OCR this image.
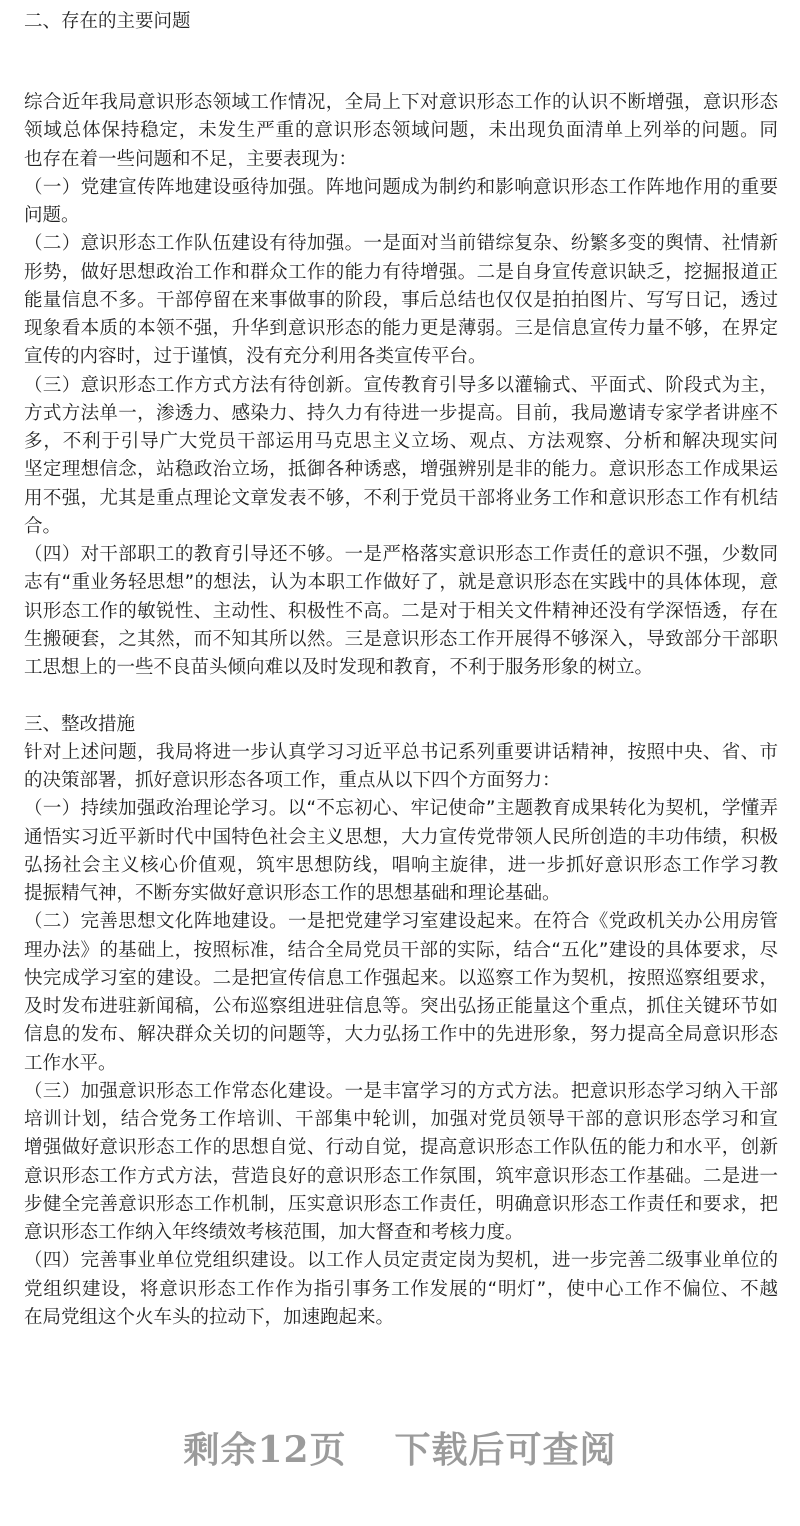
二、存在的主要问题
综合近年我局意识形态领域工作情况，全局上下对意识形态工作的认识不断增强，意识形态
领域总体保持稳定，未发生严重的意识形态领域问题，未出现负面清单上列举的问题。同
也存在着一些问题和不足，主要表现为：
（一）党建宣传阵地建设亟待加强。阵地问题成为制约和影响意识形态工作阵地作用的重要
问题。
（二）意识形态工作队伍建设有待加强。一是面对当前错综复杂、纷繁多变的舆情、社情新
形势，做好思想政治工作和群众工作的能力有待增强。二是自身宣传意识缺乏，挖掘报道正
能量信息不多。干部停留在来事做事的阶段，事后总结也仅仅是拍拍图片、写写日记，透过
现象看本质的本领不强，升华到意识形态的能力更是薄弱。三是信息宣传力量不够，在界定
宣传的内容时，过于谨慎，没有充分利用各类宣传平台。
（三）意识形态工作方式方法有待创新。宣传教育引导多以灌输式、平面式、阶段式为主，
方式方法单一，渗透力、感染力、持久力有待进一步提高。目前，我局邀请专家学者讲座不
多，不利于引导广大党员干部运用马克思主义立场、观点、方法观察、分析和解决现实问
坚定理想信念，站稳政治立场，抵御各种诱惑，增强辨别是非的能力。意识形态工作成果运
用不强，尤其是重点理论文章发表不够，不利于党员干部将业务工作和意识形态工作有机结
合。
（四）对干部职工的教育引导还不够。一是严格落实意识形态工作责任的意识不强，少数同
志有“重业务轻思想”的想法，认为本职工作做好了，就是意识形态在实践中的具体体现，意
识形态工作的敏锐性、主动性、积极性不高。二是对于相关文件精神还没有学深悟透，存在
生搬硬套，之其然，而不知其所以然。三是意识形态工作开展得不够深入，导致部分干部职
工思想上的一些不良苗头倾向难以及时发现和教育，不利于服务形象的树立。
三、整改措施
针对上述问题，我局将进一步认真学习习近平总书记系列重要讲话精神，按照中央、省、市
的决策部署，抓好意识形态各项工作，重点从以下四个方面努力：
（一）持续加强政治理论学习。以“不忘初心、牢记使命”主题教育成果转化为契机，学懂弄
通悟实习近平新时代中国特色社会主义思想，大力宣传党带领人民所创造的丰功伟绩，积极
弘扬社会主义核心价值观，筑牢思想防线，唱响主旋律，进一步抓好意识形态工作学习教
提振精气神，不断夯实做好意识形态工作的思想基础和理论基础。
（二）完善思想文化阵地建设。一是把党建学习室建设起来。在符合《党政机关办公用房管
理办法》的基础上，按照标准，结合全局党员干部的实际，结合“五化”建设的具体要求，尽
快完成学习室的建设。二是把宣传信息工作强起来。以巡察工作为契机，按照巡察组要求，
及时发布进驻新闻稿，公布巡察组进驻信息等。突出弘扬正能量这个重点，抓住关键环节如
信息的发布、解决群众关切的问题等，大力弘扬工作中的先进形象，努力提高全局意识形态
工作水平。
（三）加强意识形态工作常态化建设。一是丰富学习的方式方法。把意识形态学习纳入干部
培训计划，结合党务工作培训、干部集中轮训，加强对党员领导干部的意识形态学习和宣
增强做好意识形态工作的思想自觉、行动自觉，提高意识形态工作队伍的能力和水平，创新
意识形态工作方式方法，营造良好的意识形态工作氛围，筑牢意识形态工作基础。二是进一
步健全完善意识形态工作机制，压实意识形态工作责任，明确意识形态工作责任和要求，把
意识形态工作纳入年终绩效考核范围，加大督查和考核力度。
（四）完善事业单位党组织建设。以工作人员定责定岗为契机，进一步完善二级事业单位的
党组织建设，将意识形态工作作为指引事务工作发展的“明灯”，使中心工作不偏位、不越
在局党组这个火车头的拉动下，加速跑起来。
剩余12页 下载后可查阅
